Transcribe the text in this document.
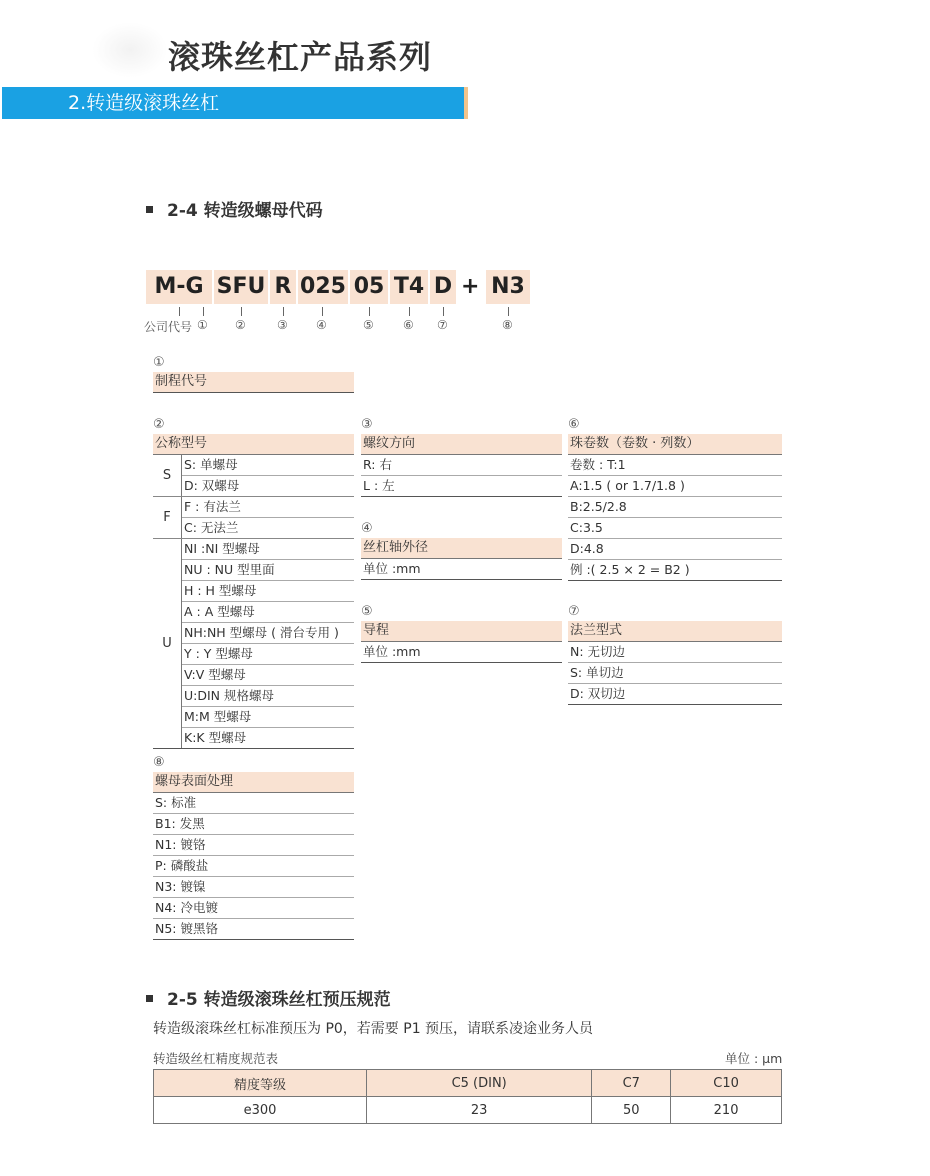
滚珠丝杠产品系列
2.转造级滚珠丝杠
2-4 转造级螺母代码
M-G SFU R 025 05 T4 D + N3
公司代号 ① ②	③ ④	⑤ ⑥ ⑦	⑧
①
制程代号
②
公称型号
S
S: 单螺母
D: 双螺母
F
F : 有法兰
C: 无法兰
U
NI :NI 型螺母
NU : NU 型里面
H : H 型螺母
A : A 型螺母
NH:NH 型螺母 ( 滑台专用 )
Y : Y 型螺母
V:V 型螺母
U:DIN 规格螺母
M:M 型螺母
K:K 型螺母
③
螺纹方向
R: 右
L : 左
④
丝杠轴外径
单位 :mm
⑤
导程
单位 :mm
⑥
珠卷数（卷数 · 列数）
卷数 : T:1
A:1.5 ( or 1.7/1.8 )
B:2.5/2.8
C:3.5
D:4.8
例 :( 2.5 × 2 = B2 )
⑦
法兰型式
N: 无切边
S: 单切边
D: 双切边
⑧
螺母表面处理
S: 标准
B1: 发黑
N1: 镀铬
P: 磷酸盐
N3: 镀镍
N4: 冷电镀
N5: 镀黑铬
2-5 转造级滚珠丝杠预压规范
转造级滚珠丝杠标准预压为 P0，若需要 P1 预压，请联系凌途业务人员
转造级丝杠精度规范表	单位 : μm
精度等级	C5 (DIN)	C7	C10
e300	23	50	210
